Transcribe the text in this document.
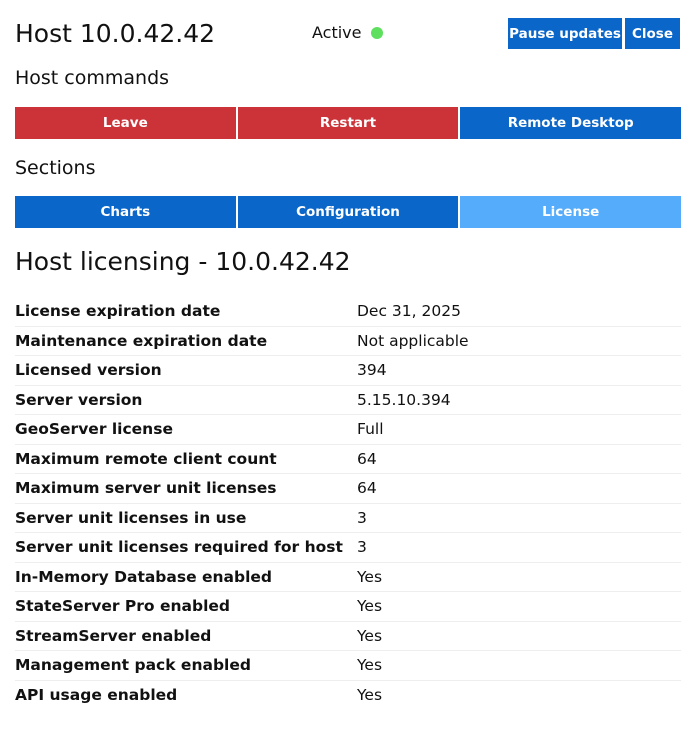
Host 10.0.42.42	Active	Pause updates Close
Host commands
Leave	Restart	Remote Desktop
Sections
Charts	Configuration	License
Host licensing - 10.0.42.42
License expiration date	Dec 31, 2025
Maintenance expiration date	Not applicable
Licensed version	394
Server version	5.15.10.394
GeoServer license	Full
Maximum remote client count	64
Maximum server unit licenses	64
Server unit licenses in use	3
Server unit licenses required for host 3
In-Memory Database enabled	Yes
StateServer Pro enabled	Yes
StreamServer enabled	Yes
Management pack enabled	Yes
API usage enabled	Yes
